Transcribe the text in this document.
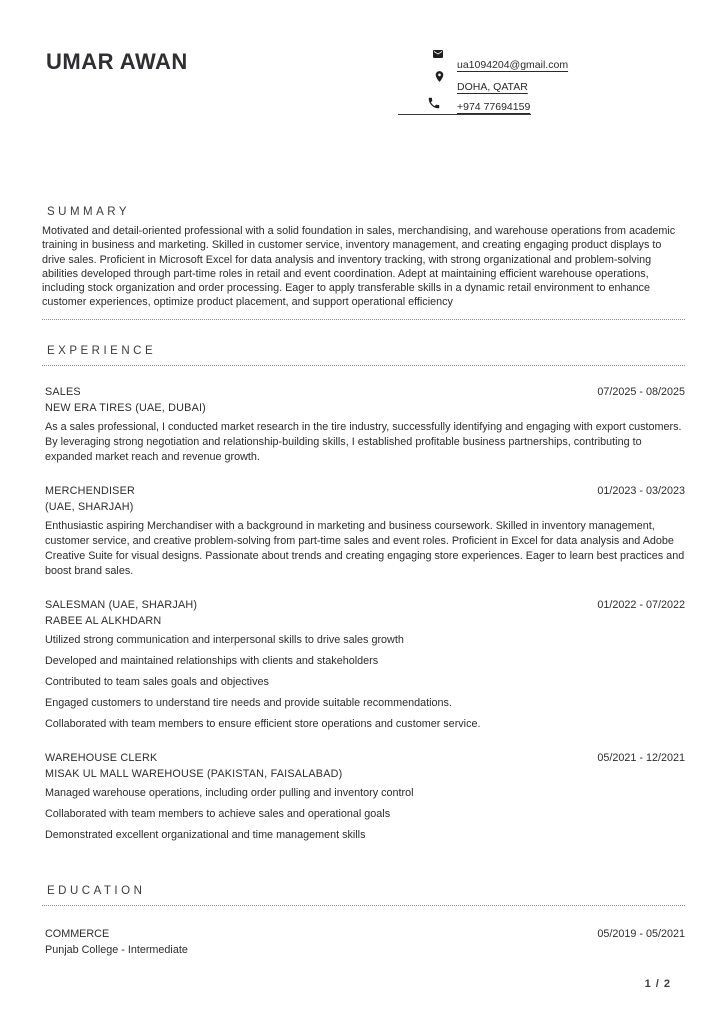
UMAR AWAN	ua1094204@gmail.com
DOHA, QATAR
+974 77694159
SUMMARY

Motivated and detail-oriented professional with a solid foundation in sales, merchandising, and warehouse operations from academic training in business and marketing. Skilled in customer service, inventory management, and creating engaging product displays to drive sales. Proficient in Microsoft Excel for data analysis and inventory tracking, with strong organizational and problem-solving abilities developed through part-time roles in retail and event coordination. Adept at maintaining efficient warehouse operations, including stock organization and order processing. Eager to apply transferable skills in a dynamic retail environment to enhance customer experiences, optimize product placement, and support operational efficiency

EXPERIENCE
SALES	07/2025 - 08/2025
NEW ERA TIRES (UAE, DUBAI)

As a sales professional, I conducted market research in the tire industry, successfully identifying and engaging with export customers. By leveraging strong negotiation and relationship-building skills, I established profitable business partnerships, contributing to expanded market reach and revenue growth.

MERCHENDISER	01/2023 - 03/2023
(UAE, SHARJAH)

Enthusiastic aspiring Merchandiser with a background in marketing and business coursework. Skilled in inventory management, customer service, and creative problem-solving from part-time sales and event roles. Proficient in Excel for data analysis and Adobe Creative Suite for visual designs. Passionate about trends and creating engaging store experiences. Eager to learn best practices and boost brand sales.

SALESMAN (UAE, SHARJAH)	01/2022 - 07/2022
RABEE AL ALKHDARN

Utilized strong communication and interpersonal skills to drive sales growth

Developed and maintained relationships with clients and stakeholders

Contributed to team sales goals and objectives

Engaged customers to understand tire needs and provide suitable recommendations.

Collaborated with team members to ensure efficient store operations and customer service.

WAREHOUSE CLERK	05/2021 - 12/2021
MISAK UL MALL WAREHOUSE (PAKISTAN, FAISALABAD)

Managed warehouse operations, including order pulling and inventory control

Collaborated with team members to achieve sales and operational goals

Demonstrated excellent organizational and time management skills

EDUCATION
COMMERCE	05/2019 - 05/2021
Punjab College - Intermediate
1 / 2
